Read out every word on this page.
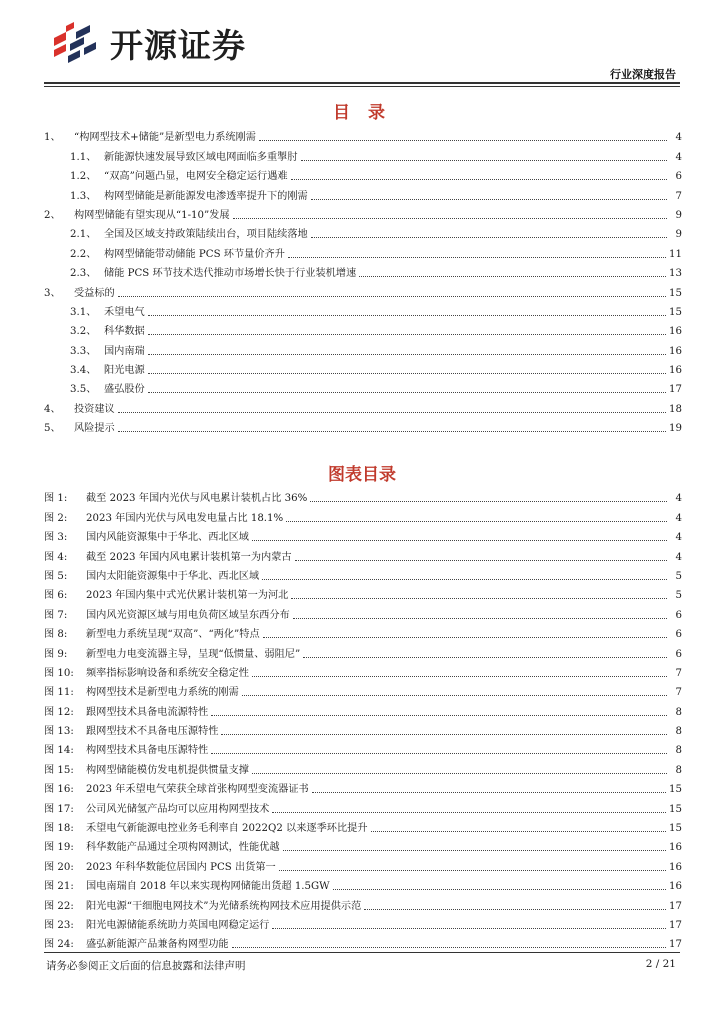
开源证券
行业深度报告
目 录
1、	“构网型技术+储能”是新型电力系统刚需	4
1.1、 新能源快速发展导致区域电网面临多重掣肘	4
1.2、 “双高”问题凸显，电网安全稳定运行遇难	6
1.3、 构网型储能是新能源发电渗透率提升下的刚需	7
2、	构网型储能有望实现从“1-10”发展	9
2.1、 全国及区域支持政策陆续出台，项目陆续落地	9
2.2、 构网型储能带动储能 PCS 环节量价齐升	11
2.3、 储能 PCS 环节技术迭代推动市场增长快于行业装机增速	13
3、	受益标的	15
3.1、 禾望电气	15
3.2、 科华数据	16
3.3、 国内南瑞	16
3.4、 阳光电源	16
3.5、 盛弘股份	17
4、	投资建议	18
5、	风险提示	19
图表目录
图 1:	截至 2023 年国内光伏与风电累计装机占比 36%	4
图 2:	2023 年国内光伏与风电发电量占比 18.1%	4
图 3:	国内风能资源集中于华北、西北区域	4
图 4:	截至 2023 年国内风电累计装机第一为内蒙古	4
图 5:	国内太阳能资源集中于华北、西北区域	5
图 6:	2023 年国内集中式光伏累计装机第一为河北	5
图 7:	国内风光资源区域与用电负荷区域呈东西分布	6
图 8:	新型电力系统呈现“双高”、“两化”特点	6
图 9:	新型电力电变流器主导，呈现“低惯量、弱阻尼”	6
图 10:	频率指标影响设备和系统安全稳定性	7
图 11:	构网型技术是新型电力系统的刚需	7
图 12:	跟网型技术具备电流源特性	8
图 13:	跟网型技术不具备电压源特性	8
图 14:	构网型技术具备电压源特性	8
图 15:	构网型储能模仿发电机提供惯量支撑	8
图 16:	2023 年禾望电气荣获全球首张构网型变流器证书	15
图 17:	公司风光储氢产品均可以应用构网型技术	15
图 18:	禾望电气新能源电控业务毛利率自 2022Q2 以来逐季环比提升	15
图 19:	科华数能产品通过全项构网测试，性能优越	16
图 20:	2023 年科华数能位居国内 PCS 出货第一	16
图 21:	国电南瑞自 2018 年以来实现构网储能出货超 1.5GW	16
图 22:	阳光电源“干细胞电网技术”为光储系统构网技术应用提供示范	17
图 23:	阳光电源储能系统助力英国电网稳定运行	17
图 24:	盛弘新能源产品兼备构网型功能	17
请务必参阅正文后面的信息披露和法律声明	2 / 21
